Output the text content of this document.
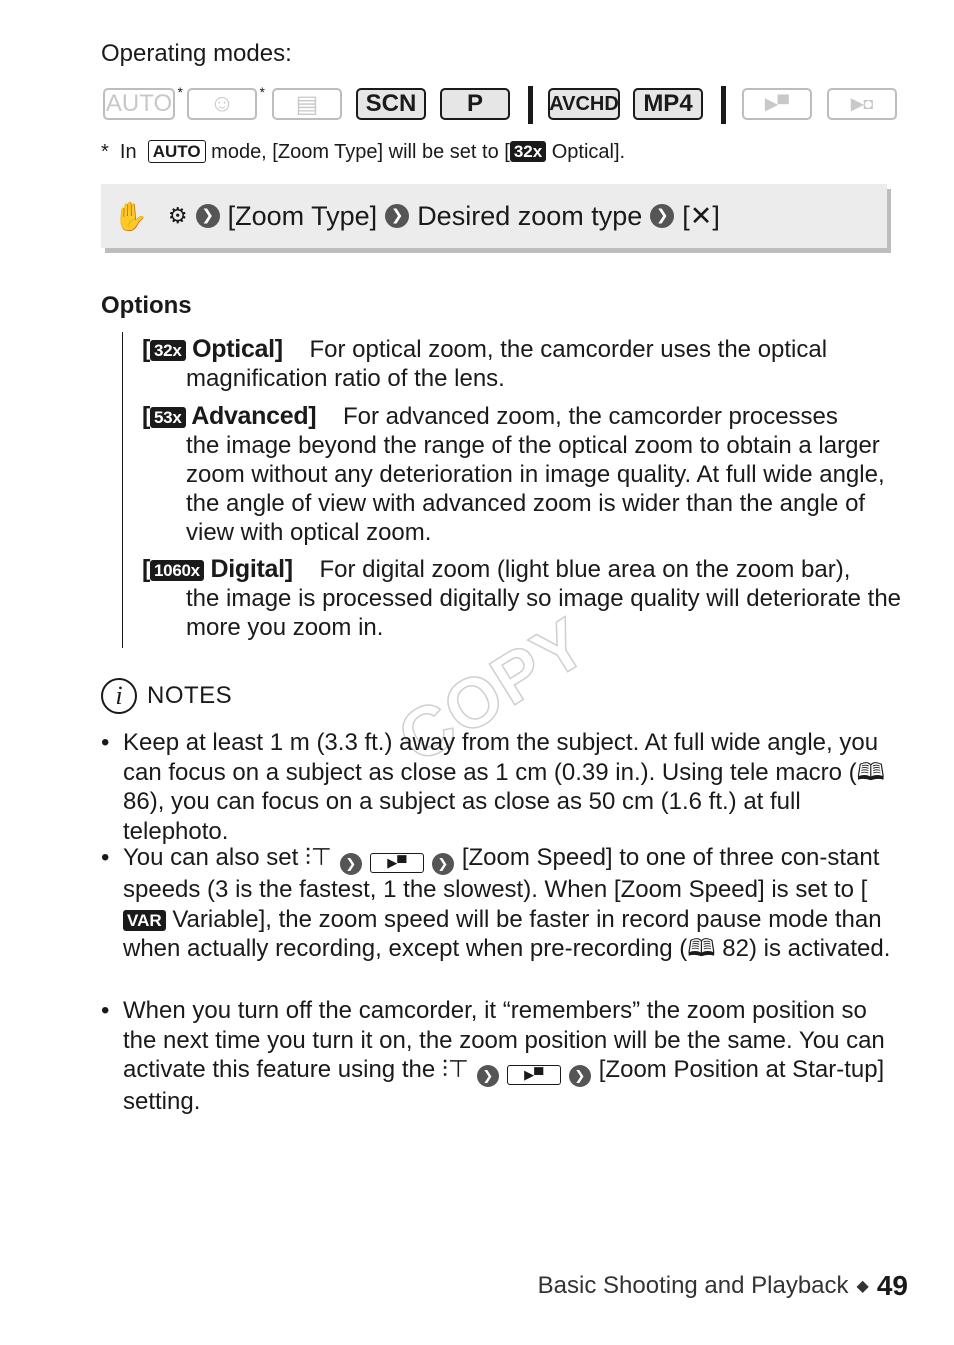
Operating modes:
AUTO * ☺ * ▤ SCN P	AVCHD MP4	▶▀	▶◘
* In AUTO mode, [Zoom Type] will be set to [ 32x Optical].
✋ ⚙ ❯ [Zoom Type] ❯ Desired zoom type ❯ [✕]
Options
[ 32x Optical] For optical zoom, the camcorder uses the optical
magnification ratio of the lens.
[ 53x Advanced] For advanced zoom, the camcorder processes
the image beyond the range of the optical zoom to obtain a larger zoom without any deterioration in image quality. At full wide angle, the angle of view with advanced zoom is wider than the angle of view with optical zoom.
[ 1060x Digital] For digital zoom (light blue area on the zoom bar),
the image is processed digitally so image quality will deteriorate the more you zoom in. COPY
i	NOTES
• Keep at least 1 m (3.3 ft.) away from the subject. At full wide angle, you can focus on a subject as close as 1 cm (0.39 in.). Using tele macro (🕮 86), you can focus on a subject as close as 50 cm (1.6 ft.) at full telephoto.
• You can also set ⫶⊤ ❯ ▶▀ ❯ [Zoom Speed] to one of three con-stant speeds (3 is the fastest, 1 the slowest). When [Zoom Speed] is set to [VAR Variable], the zoom speed will be faster in record pause mode than when actually recording, except when pre-recording (🕮 82) is activated.
• When you turn off the camcorder, it “remembers” the zoom position so the next time you turn it on, the zoom position will be the same. You can activate this feature using the ⫶⊤ ❯ ▶▀ ❯ [Zoom Position at Star-tup] setting.
Basic Shooting and Playback ◆ 49
